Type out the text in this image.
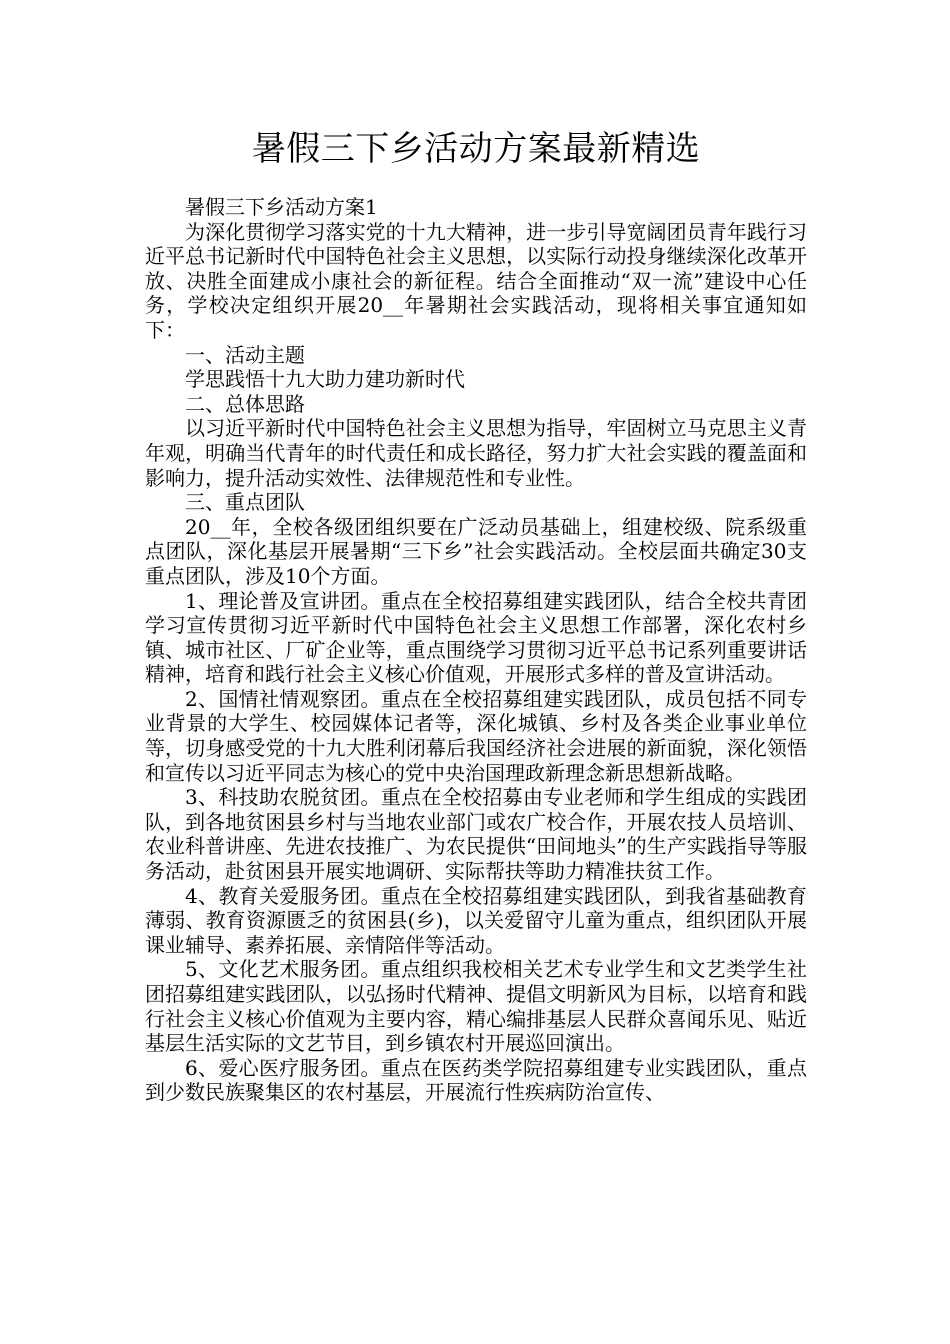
暑假三下乡活动方案最新精选

暑假三下乡活动方案1

为深化贯彻学习落实党的十九大精神，进一步引导宽阔团员青年践行习近平总书记新时代中国特色社会主义思想，以实际行动投身继续深化改革开放、决胜全面建成小康社会的新征程。结合全面推动“双一流”建设中心任务，学校决定组织开展20__年暑期社会实践活动，现将相关事宜通知如下：

一、活动主题

学思践悟十九大助力建功新时代

二、总体思路

以习近平新时代中国特色社会主义思想为指导，牢固树立马克思主义青年观，明确当代青年的时代责任和成长路径，努力扩大社会实践的覆盖面和影响力，提升活动实效性、法律规范性和专业性。

三、重点团队

20__年，全校各级团组织要在广泛动员基础上，组建校级、院系级重点团队，深化基层开展暑期“三下乡”社会实践活动。全校层面共确定30支重点团队，涉及10个方面。

1、理论普及宣讲团。重点在全校招募组建实践团队，结合全校共青团学习宣传贯彻习近平新时代中国特色社会主义思想工作部署，深化农村乡镇、城市社区、厂矿企业等，重点围绕学习贯彻习近平总书记系列重要讲话精神，培育和践行社会主义核心价值观，开展形式多样的普及宣讲活动。

2、国情社情观察团。重点在全校招募组建实践团队，成员包括不同专业背景的大学生、校园媒体记者等，深化城镇、乡村及各类企业事业单位等，切身感受党的十九大胜利闭幕后我国经济社会进展的新面貌，深化领悟和宣传以习近平同志为核心的党中央治国理政新理念新思想新战略。

3、科技助农脱贫团。重点在全校招募由专业老师和学生组成的实践团队，到各地贫困县乡村与当地农业部门或农广校合作，开展农技人员培训、农业科普讲座、先进农技推广、为农民提供“田间地头”的生产实践指导等服务活动，赴贫困县开展实地调研、实际帮扶等助力精准扶贫工作。

4、教育关爱服务团。重点在全校招募组建实践团队，到我省基础教育薄弱、教育资源匮乏的贫困县(乡)，以关爱留守儿童为重点，组织团队开展课业辅导、素养拓展、亲情陪伴等活动。

5、文化艺术服务团。重点组织我校相关艺术专业学生和文艺类学生社团招募组建实践团队，以弘扬时代精神、提倡文明新风为目标，以培育和践行社会主义核心价值观为主要内容，精心编排基层人民群众喜闻乐见、贴近基层生活实际的文艺节目，到乡镇农村开展巡回演出。

6、爱心医疗服务团。重点在医药类学院招募组建专业实践团队，重点到少数民族聚集区的农村基层，开展流行性疾病防治宣传、
